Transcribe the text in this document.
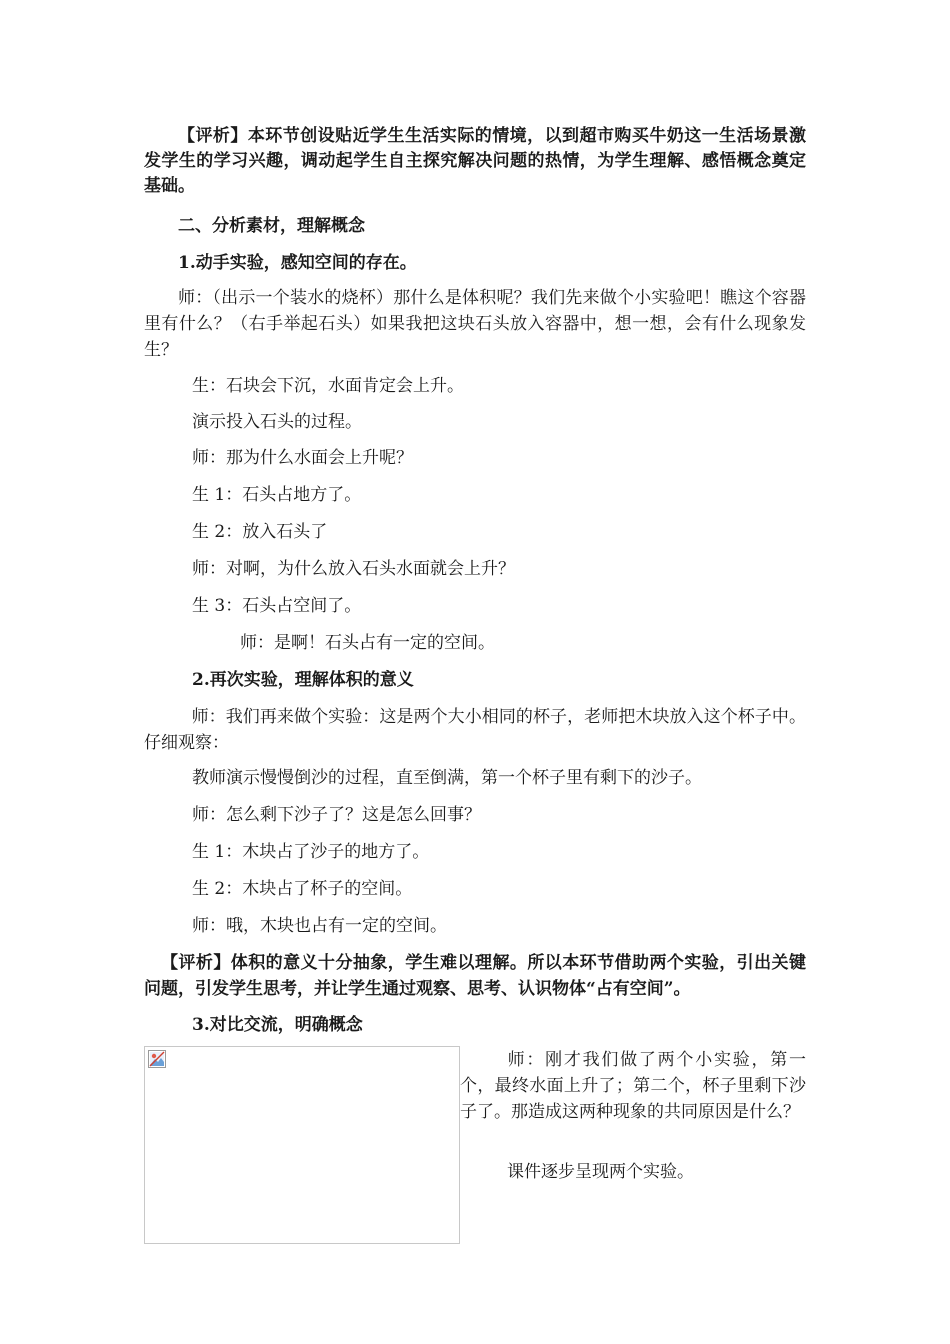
【评析】本环节创设贴近学生生活实际的情境，以到超市购买牛奶这一生活场景激发学生的学习兴趣，调动起学生自主探究解决问题的热情，为学生理解、感悟概念奠定基础。
二、分析素材，理解概念
1.动手实验，感知空间的存在。
师：（出示一个装水的烧杯）那什么是体积呢？我们先来做个小实验吧！瞧这个容器里有什么？（右手举起石头）如果我把这块石头放入容器中，想一想，会有什么现象发生？
生：石块会下沉，水面肯定会上升。
演示投入石头的过程。
师：那为什么水面会上升呢？
生 1：石头占地方了。
生 2：放入石头了
师：对啊，为什么放入石头水面就会上升？
生 3：石头占空间了。
师：是啊！石头占有一定的空间。
2.再次实验，理解体积的意义
师：我们再来做个实验：这是两个大小相同的杯子，老师把木块放入这个杯子中。仔细观察：
教师演示慢慢倒沙的过程，直至倒满，第一个杯子里有剩下的沙子。
师：怎么剩下沙子了？这是怎么回事？
生 1：木块占了沙子的地方了。
生 2：木块占了杯子的空间。
师：哦，木块也占有一定的空间。
【评析】体积的意义十分抽象，学生难以理解。所以本环节借助两个实验，引出关键问题，引发学生思考，并让学生通过观察、思考、认识物体“占有空间”。
3.对比交流，明确概念
师：刚才我们做了两个小实验，第一个，最终水面上升了；第二个，杯子里剩下沙子了。那造成这两种现象的共同原因是什么？
课件逐步呈现两个实验。
